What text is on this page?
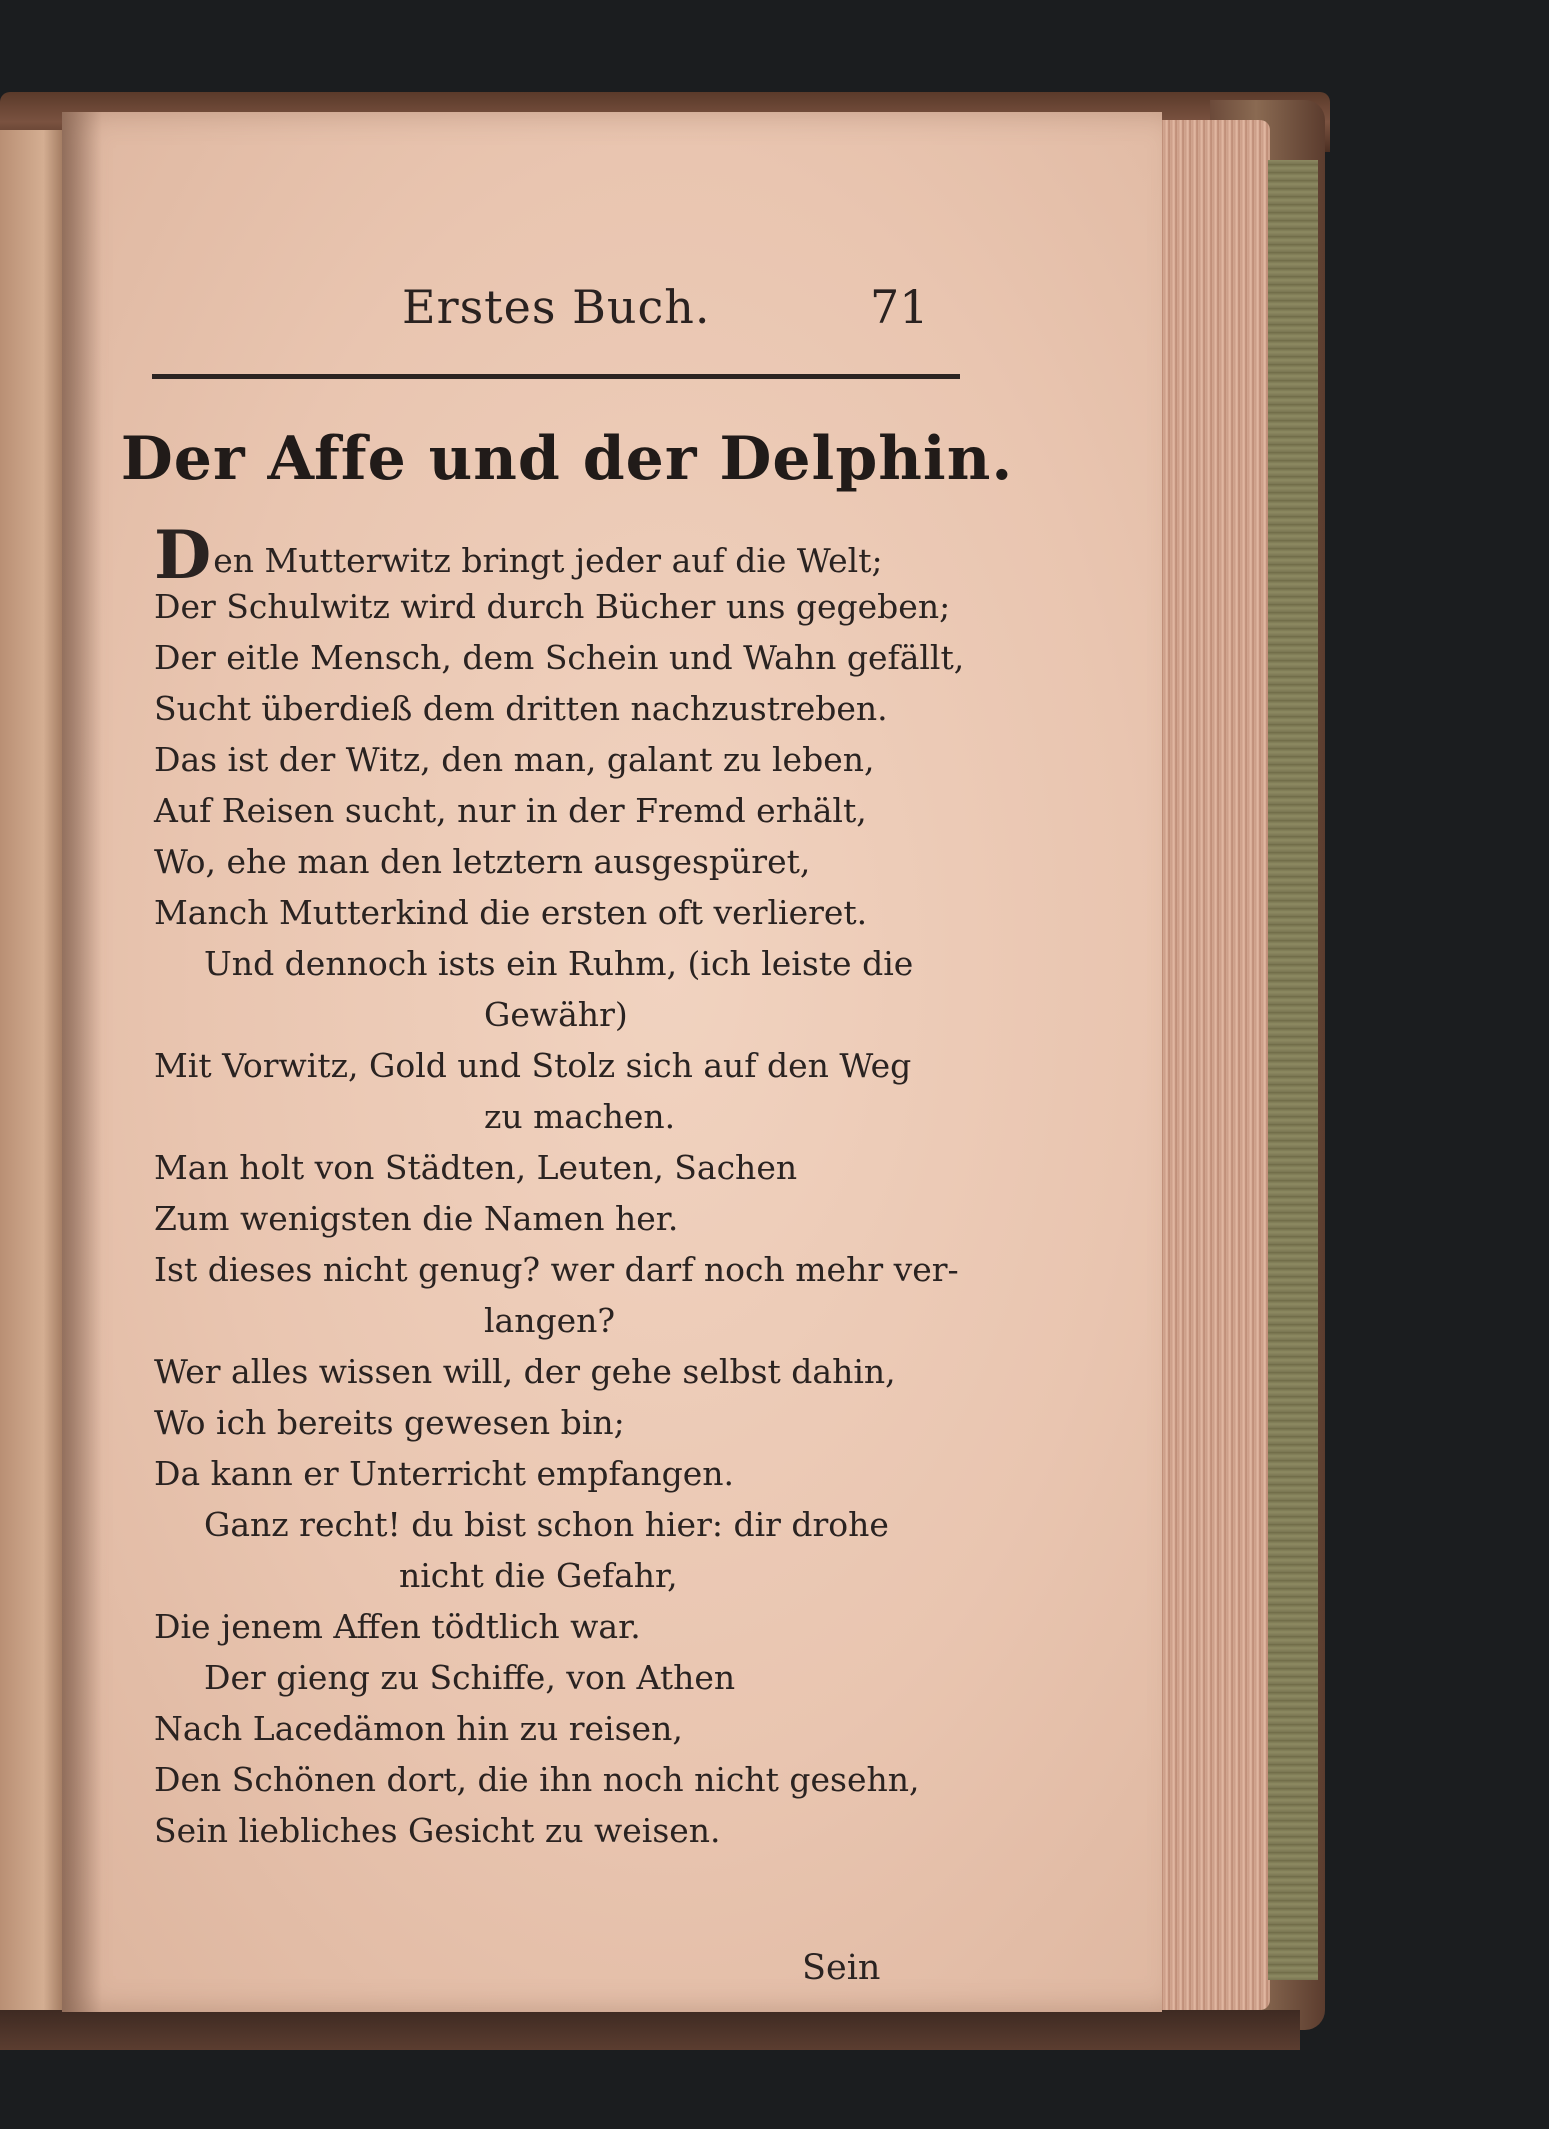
Erstes Buch.	71
Der Affe und der Delphin.
Den Mutterwitz bringt jeder auf die Welt;
Der Schulwitz wird durch Bücher uns gegeben;
Der eitle Mensch, dem Schein und Wahn gefällt,
Sucht überdieß dem dritten nachzustreben.
Das ist der Witz, den man, galant zu leben,
Auf Reisen sucht, nur in der Fremd erhält,
Wo, ehe man den letztern ausgespüret,
Manch Mutterkind die ersten oft verlieret.
Und dennoch ists ein Ruhm, (ich leiste die
Gewähr)
Mit Vorwitz, Gold und Stolz sich auf den Weg
zu machen.
Man holt von Städten, Leuten, Sachen
Zum wenigsten die Namen her.
Ist dieses nicht genug? wer darf noch mehr ver-
langen?
Wer alles wissen will, der gehe selbst dahin,
Wo ich bereits gewesen bin;
Da kann er Unterricht empfangen.
Ganz recht! du bist schon hier: dir drohe
nicht die Gefahr,
Die jenem Affen tödtlich war.
Der gieng zu Schiffe, von Athen
Nach Lacedämon hin zu reisen,
Den Schönen dort, die ihn noch nicht gesehn,
Sein liebliches Gesicht zu weisen.
Sein
